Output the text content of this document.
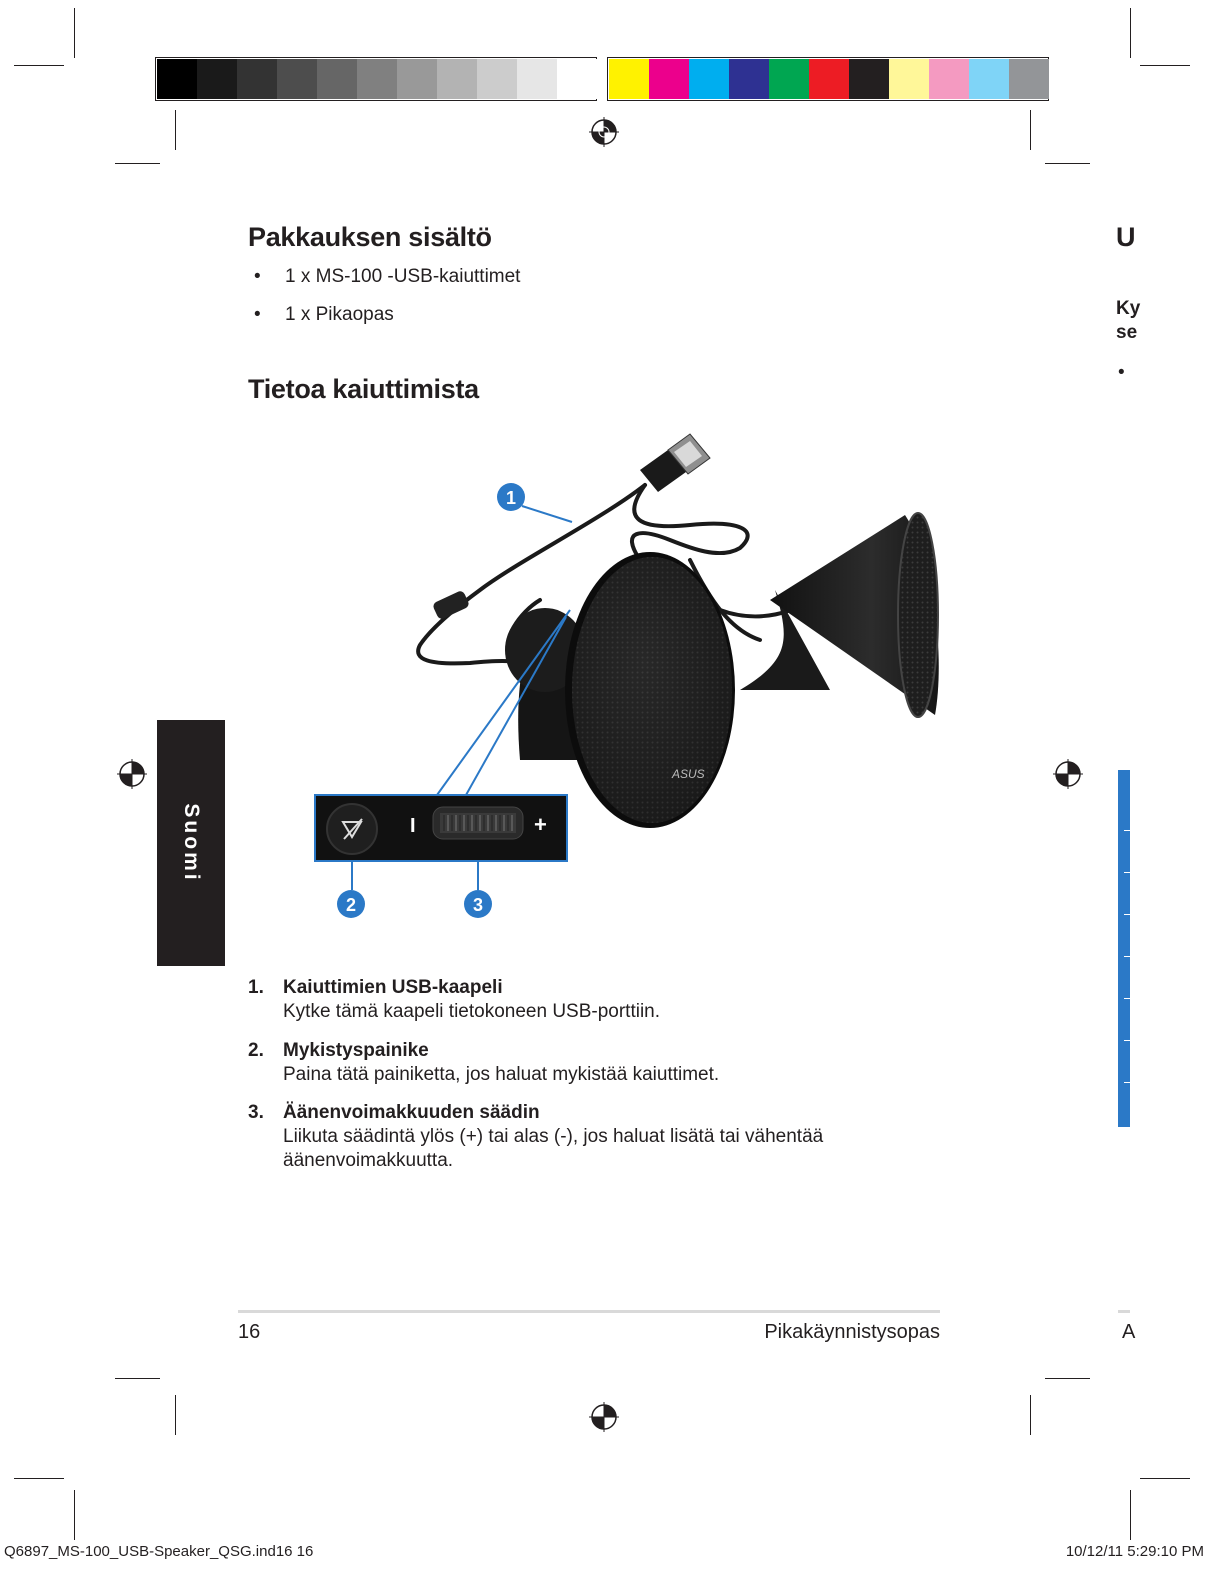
Pakkauksen sisältö
• 1 x MS-100 -USB-kaiuttimet
• 1 x Pikaopas
Tietoa kaiuttimista
Suomi
ASUS
I	+
1
2	3
1. Kaiuttimien USB-kaapeli
Kytke tämä kaapeli tietokoneen USB-porttiin.
2. Mykistyspainike
Paina tätä painiketta, jos haluat mykistää kaiuttimet.
3. Äänenvoimakkuuden säädin
Liikuta säädintä ylös (+) tai alas (-), jos haluat lisätä tai vähentää äänenvoimakkuutta.
16	Pikakäynnistysopas
U
Ky
se
•
A
Q6897_MS-100_USB-Speaker_QSG.ind16 16	10/12/11 5:29:10 PM
